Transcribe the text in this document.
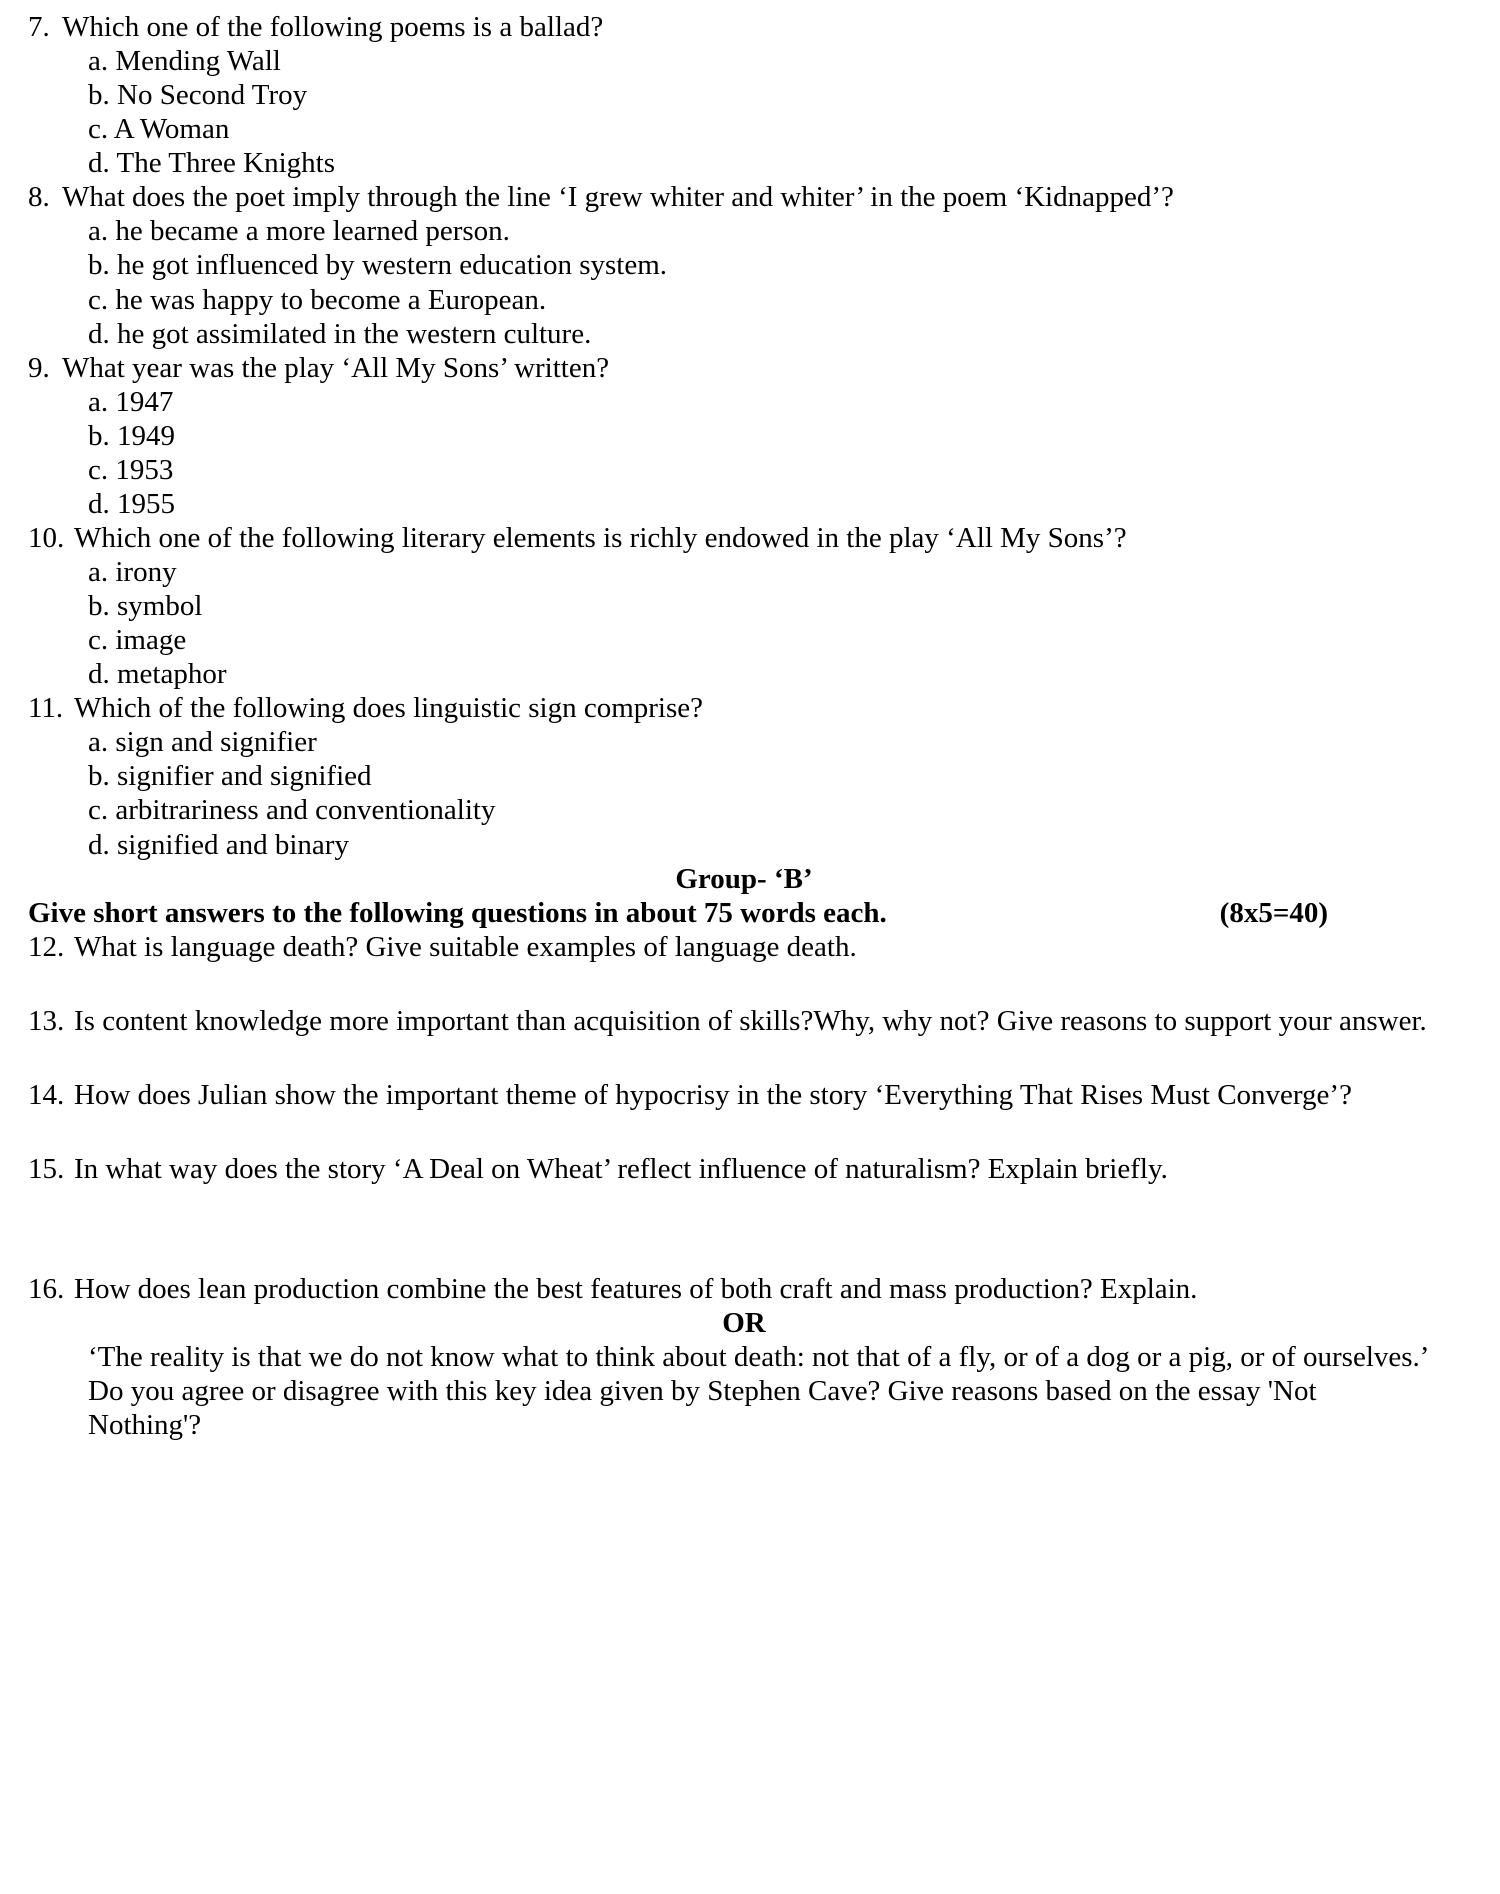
7. Which one of the following poems is a ballad?
a. Mending Wall
b. No Second Troy
c. A Woman
d. The Three Knights
8. What does the poet imply through the line ‘I grew whiter and whiter’ in the poem ‘Kidnapped’?
a. he became a more learned person.
b. he got influenced by western education system.
c. he was happy to become a European.
d. he got assimilated in the western culture.
9. What year was the play ‘All My Sons’ written?
a. 1947
b. 1949
c. 1953
d. 1955
10. Which one of the following literary elements is richly endowed in the play ‘All My Sons’?
a. irony
b. symbol
c. image
d. metaphor
11. Which of the following does linguistic sign comprise?
a. sign and signifier
b. signifier and signified
c. arbitrariness and conventionality
d. signified and binary
Group- ‘B’
Give short answers to the following questions in about 75 words each.	(8x5=40)
12. What is language death? Give suitable examples of language death.
13. Is content knowledge more important than acquisition of skills?Why, why not? Give reasons to support your answer.
14. How does Julian show the important theme of hypocrisy in the story ‘Everything That Rises Must Converge’?
15. In what way does the story ‘A Deal on Wheat’ reflect influence of naturalism? Explain briefly.
16. How does lean production combine the best features of both craft and mass production? Explain.
OR
‘The reality is that we do not know what to think about death: not that of a fly, or of a dog or a pig, or of ourselves.’ Do you agree or disagree with this key idea given by Stephen Cave? Give reasons based on the essay 'Not Nothing'?
